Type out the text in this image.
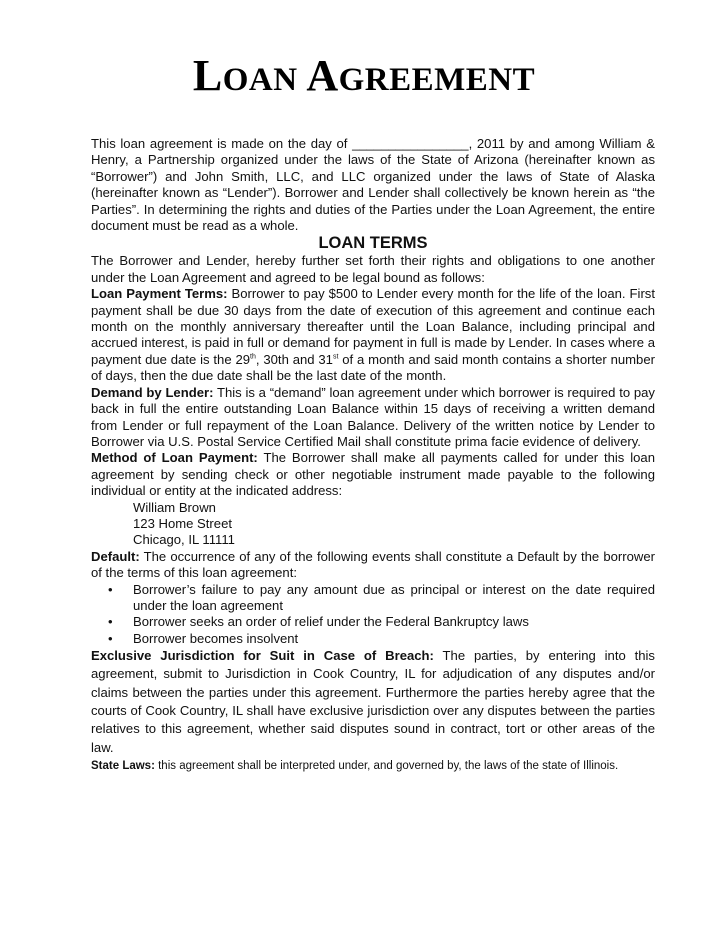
LOAN AGREEMENT

This loan agreement is made on the day of ________________, 2011 by and among William & Henry, a Partnership organized under the laws of the State of Arizona (hereinafter known as “Borrower”) and John Smith, LLC, and LLC organized under the laws of State of Alaska (hereinafter known as “Lender”). Borrower and Lender shall collectively be known herein as “the Parties”. In determining the rights and duties of the Parties under the Loan Agreement, the entire document must be read as a whole.

LOAN TERMS

The Borrower and Lender, hereby further set forth their rights and obligations to one another under the Loan Agreement and agreed to be legal bound as follows:

Loan Payment Terms: Borrower to pay $500 to Lender every month for the life of the loan. First payment shall be due 30 days from the date of execution of this agreement and continue each month on the monthly anniversary thereafter until the Loan Balance, including principal and accrued interest, is paid in full or demand for payment in full is made by Lender. In cases where a payment due date is the 29th, 30th and 31st of a month and said month contains a shorter number of days, then the due date shall be the last date of the month.

Demand by Lender: This is a “demand” loan agreement under which borrower is required to pay back in full the entire outstanding Loan Balance within 15 days of receiving a written demand from Lender or full repayment of the Loan Balance. Delivery of the written notice by Lender to Borrower via U.S. Postal Service Certified Mail shall constitute prima facie evidence of delivery.

Method of Loan Payment: The Borrower shall make all payments called for under this loan agreement by sending check or other negotiable instrument made payable to the following individual or entity at the indicated address:

William Brown
123 Home Street
Chicago, IL 11111

Default: The occurrence of any of the following events shall constitute a Default by the borrower of the terms of this loan agreement:

• Borrower’s failure to pay any amount due as principal or interest on the date required under the loan agreement
• Borrower seeks an order of relief under the Federal Bankruptcy laws
• Borrower becomes insolvent

Exclusive Jurisdiction for Suit in Case of Breach: The parties, by entering into this agreement, submit to Jurisdiction in Cook Country, IL for adjudication of any disputes and/or claims between the parties under this agreement. Furthermore the parties hereby agree that the courts of Cook Country, IL shall have exclusive jurisdiction over any disputes between the parties relatives to this agreement, whether said disputes sound in contract, tort or other areas of the law.

State Laws: this agreement shall be interpreted under, and governed by, the laws of the state of Illinois.
